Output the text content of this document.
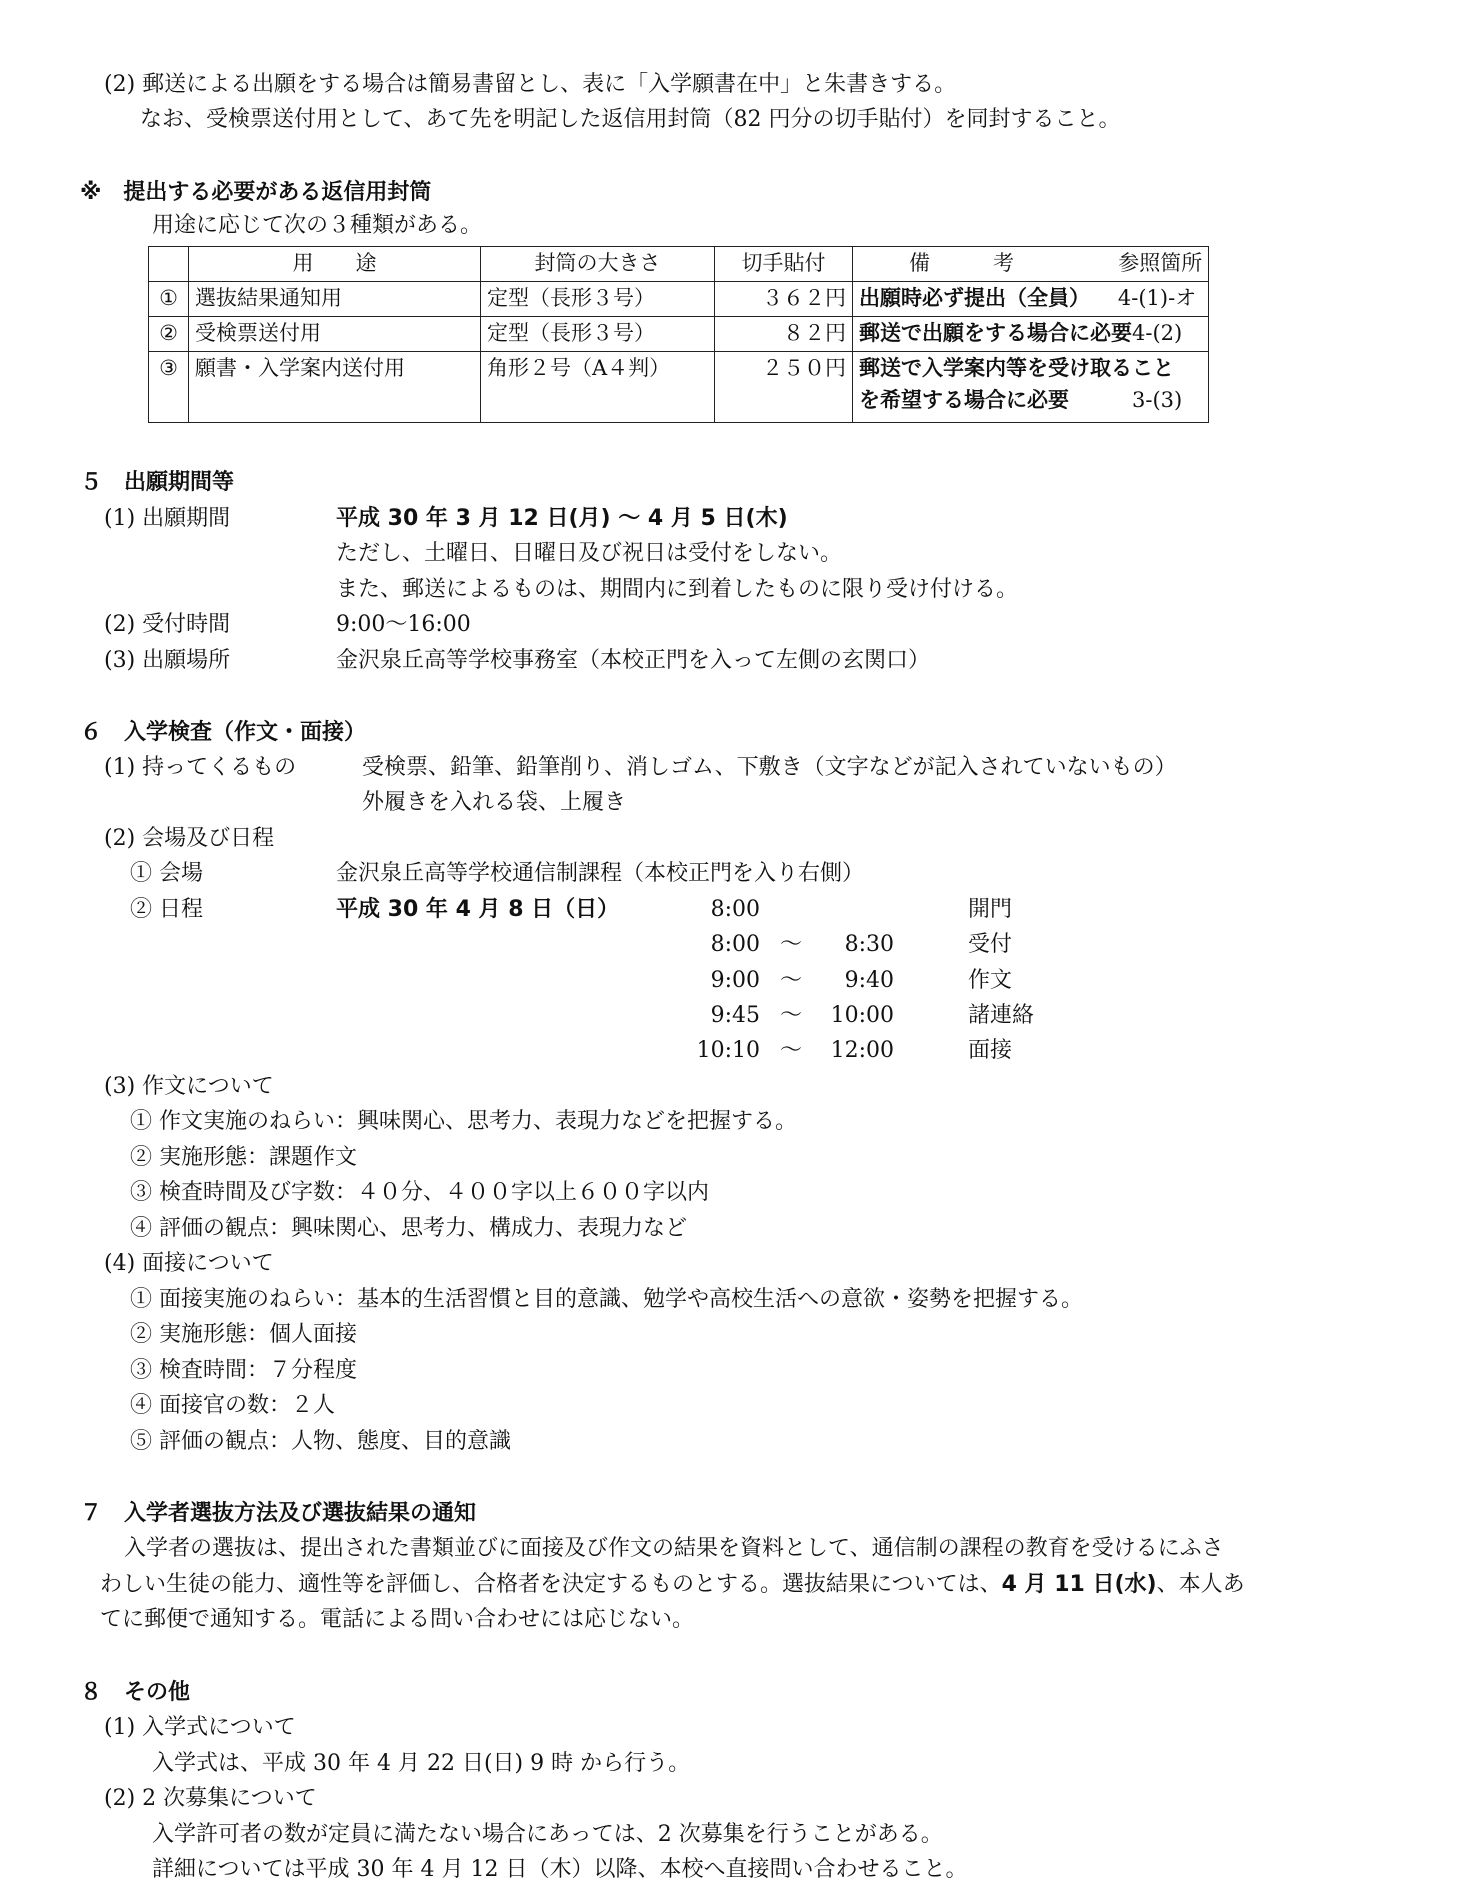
(2) 郵送による出願をする場合は簡易書留とし、表に「入学願書在中」と朱書きする。
なお、受検票送付用として、あて先を明記した返信用封筒（82 円分の切手貼付）を同封すること。
※　提出する必要がある返信用封筒
用途に応じて次の３種類がある。
	用　　途	封筒の大きさ	切手貼付	備　　　考 参照箇所

①	選抜結果通知用	定型（長形３号）	３６２円	出願時必ず提出（全員） 4-(1)-オ

②	受検票送付用	定型（長形３号）	８２円	郵送で出願をする場合に必要 4-(2)

③	願書・入学案内送付用	角形２号（A４判）	２５０円	郵送で入学案内等を受け取ること
を希望する場合に必要 3-(3)
５　出願期間等
(1) 出願期間	平成 30 年 3 月 12 日(月) ～ 4 月 5 日(木)
ただし、土曜日、日曜日及び祝日は受付をしない。
また、郵送によるものは、期間内に到着したものに限り受け付ける。
(2) 受付時間	9:00～16:00
(3) 出願場所	金沢泉丘高等学校事務室（本校正門を入って左側の玄関口）
６　入学検査（作文・面接）
(1) 持ってくるもの	受検票、鉛筆、鉛筆削り、消しゴム、下敷き（文字などが記入されていないもの）
外履きを入れる袋、上履き
(2) 会場及び日程
① 会場	金沢泉丘高等学校通信制課程（本校正門を入り右側）
② 日程	平成 30 年 4 月 8 日（日）	8:00	開門
8:00 ～ 8:30	受付
9:00 ～ 9:40	作文
9:45 ～ 10:00	諸連絡
10:10 ～ 12:00	面接
(3) 作文について
① 作文実施のねらい：興味関心、思考力、表現力などを把握する。
② 実施形態：課題作文
③ 検査時間及び字数：４０分、４００字以上６００字以内
④ 評価の観点：興味関心、思考力、構成力、表現力など
(4) 面接について
① 面接実施のねらい：基本的生活習慣と目的意識、勉学や高校生活への意欲・姿勢を把握する。
② 実施形態：個人面接
③ 検査時間：７分程度
④ 面接官の数：２人
⑤ 評価の観点：人物、態度、目的意識
７　入学者選抜方法及び選抜結果の通知
入学者の選抜は、提出された書類並びに面接及び作文の結果を資料として、通信制の課程の教育を受けるにふさ
わしい生徒の能力、適性等を評価し、合格者を決定するものとする。選抜結果については、4 月 11 日(水)、本人あ
てに郵便で通知する。電話による問い合わせには応じない。
８　その他
(1) 入学式について
入学式は、平成 30 年 4 月 22 日(日) 9 時 から行う。
(2) 2 次募集について
入学許可者の数が定員に満たない場合にあっては、2 次募集を行うことがある。
詳細については平成 30 年 4 月 12 日（木）以降、本校へ直接問い合わせること。
